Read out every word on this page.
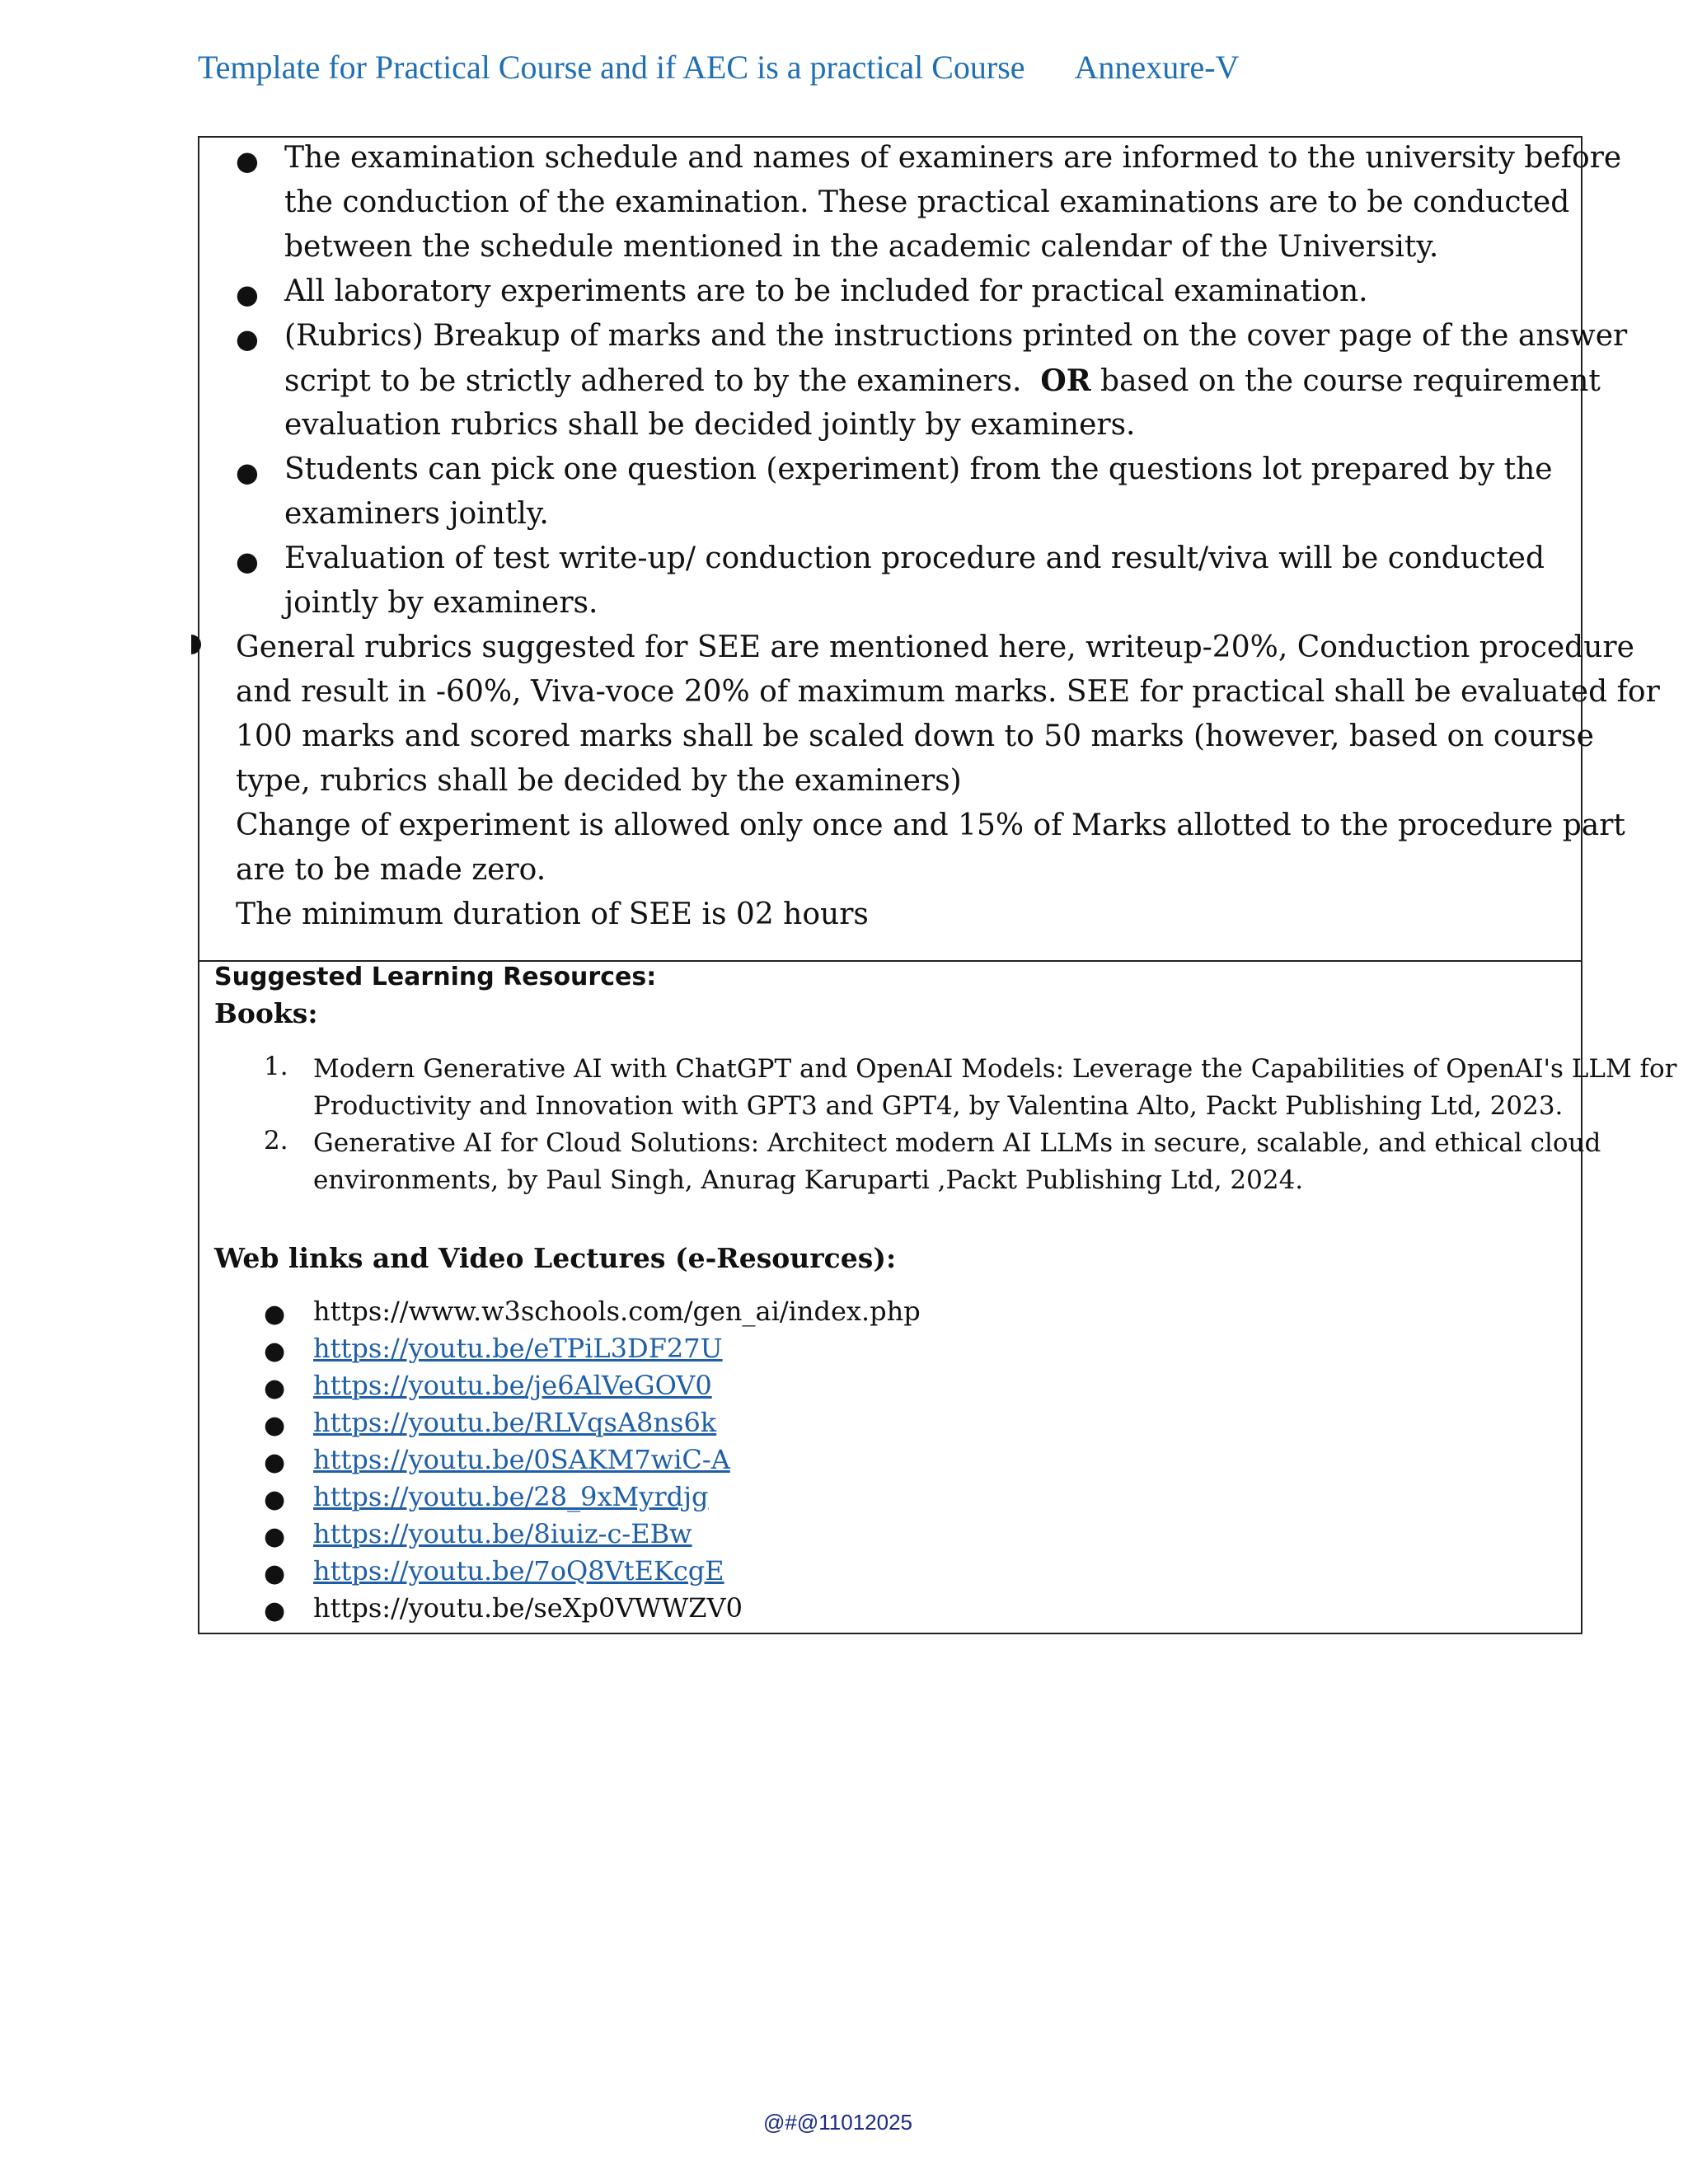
Template for Practical Course and if AEC is a practical Course Annexure-V
● The examination schedule and names of examiners are informed to the university before
the conduction of the examination. These practical examinations are to be conducted
between the schedule mentioned in the academic calendar of the University.
● All laboratory experiments are to be included for practical examination.
● (Rubrics) Breakup of marks and the instructions printed on the cover page of the answer
script to be strictly adhered to by the examiners.  OR based on the course requirement
evaluation rubrics shall be decided jointly by examiners.
● Students can pick one question (experiment) from the questions lot prepared by the
examiners jointly.
● Evaluation of test write-up/ conduction procedure and result/viva will be conducted
jointly by examiners.
General rubrics suggested for SEE are mentioned here, writeup-20%, Conduction procedure
and result in -60%, Viva-voce 20% of maximum marks. SEE for practical shall be evaluated for
100 marks and scored marks shall be scaled down to 50 marks (however, based on course
type, rubrics shall be decided by the examiners)
Change of experiment is allowed only once and 15% of Marks allotted to the procedure part
are to be made zero.
The minimum duration of SEE is 02 hours
Suggested Learning Resources:
Books:
1. Modern Generative AI with ChatGPT and OpenAI Models: Leverage the Capabilities of OpenAI's LLM for
Productivity and Innovation with GPT3 and GPT4, by Valentina Alto, Packt Publishing Ltd, 2023.
2. Generative AI for Cloud Solutions: Architect modern AI LLMs in secure, scalable, and ethical cloud
environments, by Paul Singh, Anurag Karuparti ,Packt Publishing Ltd, 2024.
Web links and Video Lectures (e-Resources):
● https://www.w3schools.com/gen_ai/index.php
● https://youtu.be/eTPiL3DF27U
● https://youtu.be/je6AlVeGOV0
● https://youtu.be/RLVqsA8ns6k
● https://youtu.be/0SAKM7wiC-A
● https://youtu.be/28_9xMyrdjg
● https://youtu.be/8iuiz-c-EBw
● https://youtu.be/7oQ8VtEKcgE
● https://youtu.be/seXp0VWWZV0
@#@11012025
